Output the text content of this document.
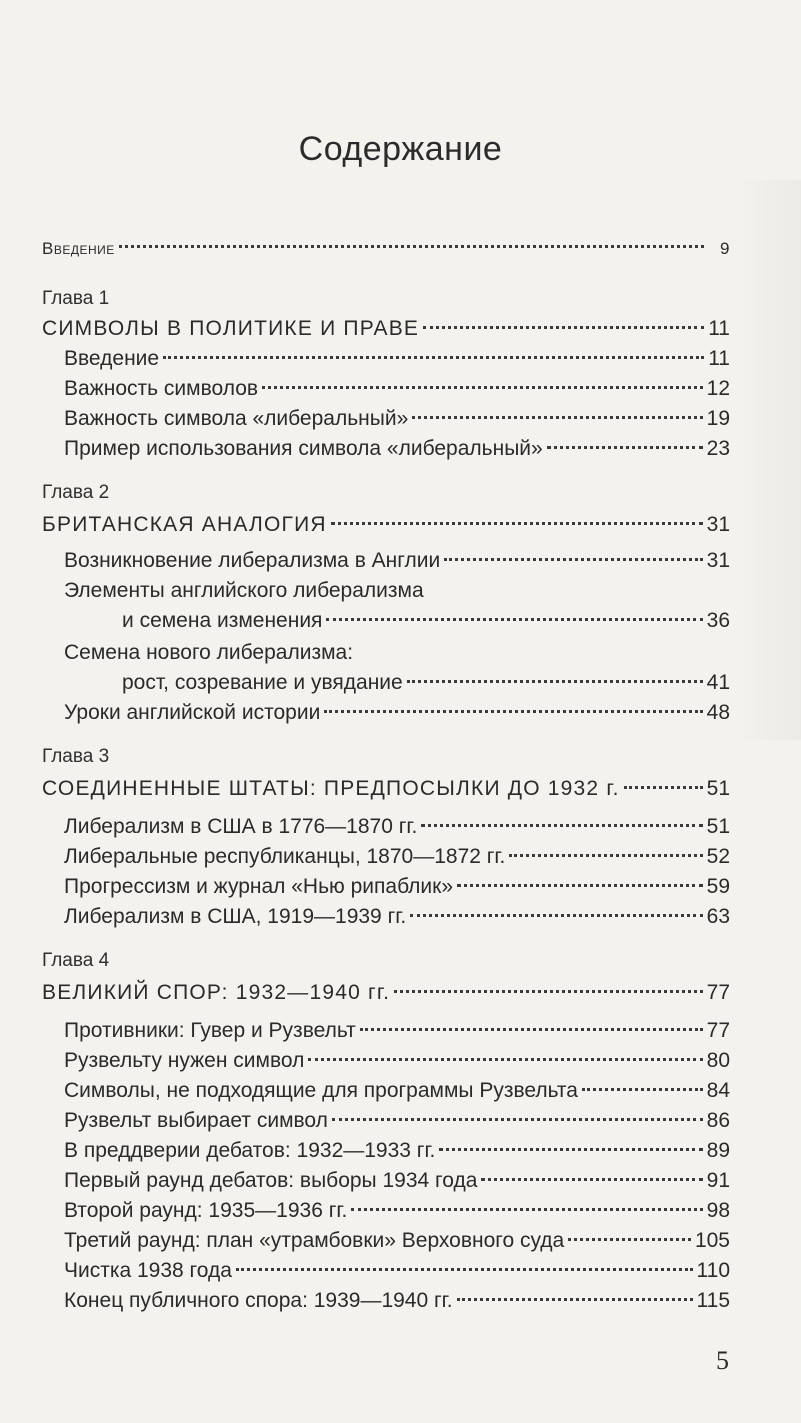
Содержание
Введение	9
Глава 1
СИМВОЛЫ В ПОЛИТИКЕ И ПРАВЕ	11
Введение	11
Важность символов	12
Важность символа «либеральный»	19
Пример использования символа «либеральный»	23
Глава 2
БРИТАНСКАЯ АНАЛОГИЯ	31
Возникновение либерализма в Англии	31
Элементы английского либерализма
и семена изменения	36
Семена нового либерализма:
рост, созревание и увядание	41
Уроки английской истории	48
Глава 3
СОЕДИНЕННЫЕ ШТАТЫ: ПРЕДПОСЫЛКИ ДО 1932 г.	51
Либерализм в США в 1776—1870 гг.	51
Либеральные республиканцы, 1870—1872 гг.	52
Прогрессизм и журнал «Нью рипаблик»	59
Либерализм в США, 1919—1939 гг.	63
Глава 4
ВЕЛИКИЙ СПОР: 1932—1940 гг.	77
Противники: Гувер и Рузвельт	77
Рузвельту нужен символ	80
Символы, не подходящие для программы Рузвельта	84
Рузвельт выбирает символ	86
В преддверии дебатов: 1932—1933 гг.	89
Первый раунд дебатов: выборы 1934 года	91
Второй раунд: 1935—1936 гг.	98
Третий раунд: план «утрамбовки» Верховного суда	105
Чистка 1938 года	110
Конец публичного спора: 1939—1940 гг.	115
5
